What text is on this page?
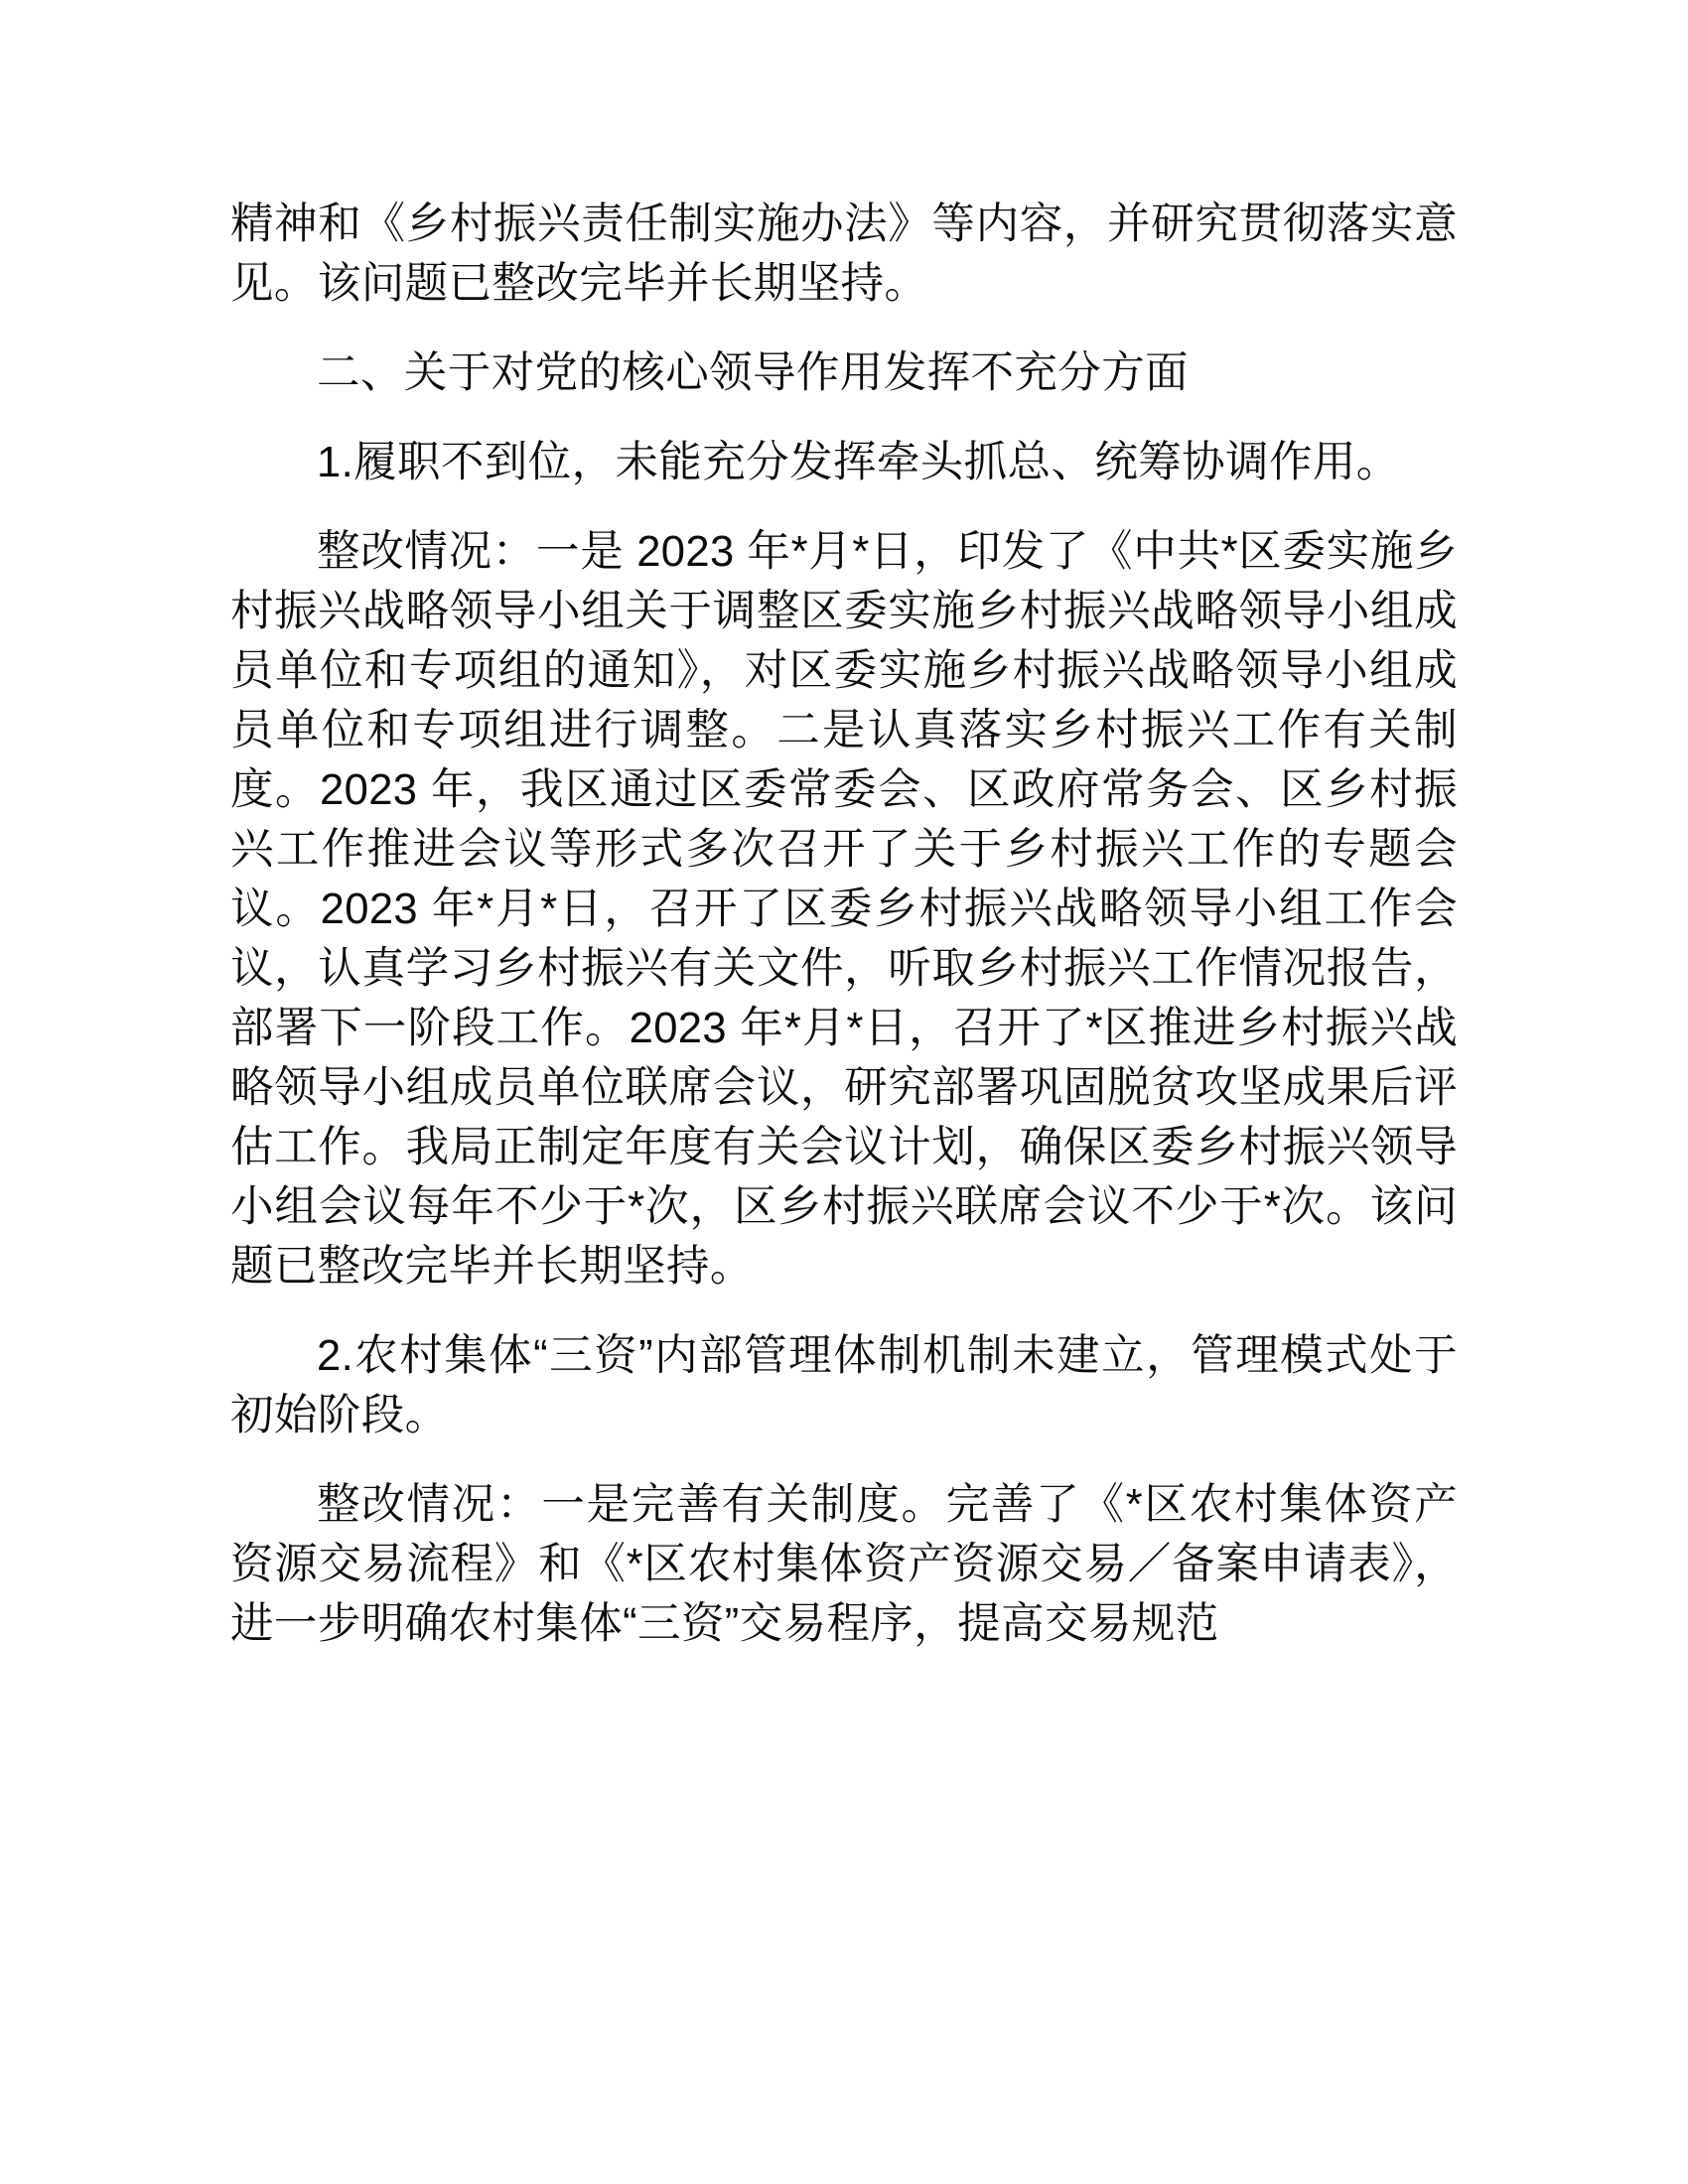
精神和《乡村振兴责任制实施办法》等内容，并研究贯彻落实意见。该问题已整改完毕并长期坚持。

二、关于对党的核心领导作用发挥不充分方面

1.履职不到位，未能充分发挥牵头抓总、统筹协调作用。

整改情况：一是 2023 年*月*日，印发了《中共*区委实施乡村振兴战略领导小组关于调整区委实施乡村振兴战略领导小组成员单位和专项组的通知》，对区委实施乡村振兴战略领导小组成员单位和专项组进行调整。二是认真落实乡村振兴工作有关制度。2023 年，我区通过区委常委会、区政府常务会、区乡村振兴工作推进会议等形式多次召开了关于乡村振兴工作的专题会议。2023 年*月*日，召开了区委乡村振兴战略领导小组工作会议，认真学习乡村振兴有关文件，听取乡村振兴工作情况报告，部署下一阶段工作。2023 年*月*日，召开了*区推进乡村振兴战略领导小组成员单位联席会议，研究部署巩固脱贫攻坚成果后评估工作。我局正制定年度有关会议计划，确保区委乡村振兴领导小组会议每年不少于*次，区乡村振兴联席会议不少于*次。该问题已整改完毕并长期坚持。

2.农村集体“三资”内部管理体制机制未建立，管理模式处于初始阶段。

整改情况：一是完善有关制度。完善了《*区农村集体资产资源交易流程》和《*区农村集体资产资源交易／备案申请表》，进一步明确农村集体“三资”交易程序，提高交易规范
